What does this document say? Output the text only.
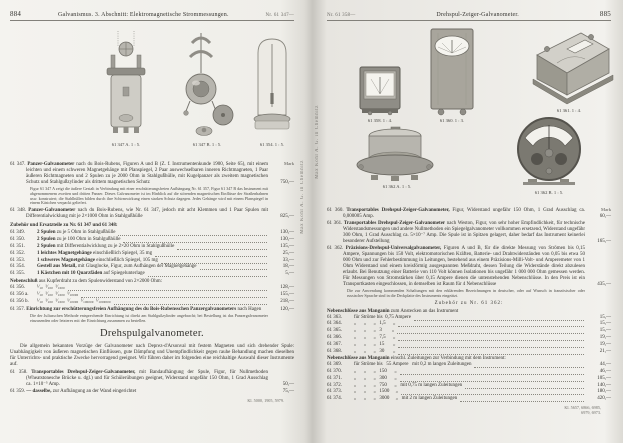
884	Galvanismus. 3. Abschnitt: Elektromagnetische Strommessungen.	Nr. 61 347—
61 347 A. 1 : 5.	61 347 B. 1 : 5.	61 354. 1 : 5.
Mark
61 347. Panzer-Galvanometer nach du Bois-Rubens, Figuren A und B (Z. f. Instrumentenkunde 1900, Seite 65), mit einem leichten und einem schweren Magnetgehänge mit Planspiegel, 2 Paar auswechselbaren inneren Richtmagneten, 1 Paar äußeren Richtmagneten und 2 Spulen zu je 2000 Ohm in Stahlgußhülle, mit Kugelpanzer als zweitem magnetischen Schutz und Stahlgußzylinder als drittem magnetischen Schutz	750,—
Figur 61 347 A zeigt die äußere Gestalt in Verbindung mit einer erschütterungsfreien Aufhängung Nr. 61 357, Figur 61 347 B das Instrument mit abgenommenem zweiten und dritten Panzer. Dieses Galvanometer ist im Hinblick auf die störenden magnetischen Einflüsse der Straßenbahnen usw. konstruiert; die Stahlhüllen bilden durch ihre Schirmwirkung einen starken Schutz dagegen. Jedes Gehänge wird mit einem Planspiegel in einem Kästchen verpackt geliefert.
61 348. Panzer-Galvanometer nach du Bois-Rubens, wie Nr. 61 347, jedoch mit acht Klemmen und 1 Paar Spulen mit Differentialwicklung mit je 2×1000 Ohm in Stahlgußhülle	825,—
Zubehör und Ersatzteile zu Nr. 61 347 und 61 348:
61 349.	2 Spulen zu je 5 Ohm in Stahlgußhülle	130,—
61 350.	2 Spulen zu je 100 Ohm in Stahlgußhülle	130,—
61 351.	2 Spulen mit Differentialwicklung zu je 2×20 Ohm in Stahlgußhülle	135,—
61 352.	1 leichtes Magnetgehänge einschließlich Spiegel, 35 mg	25,—
61 353.	1 schweres Magnetgehänge einschließlich Spiegel, 105 mg	33,—
61 354.	Gestell aus Metall, mit Glasglocke, Figur, zum Aufhängen der Magnetgehänge	18,—
61 355.	1 Kästchen mit 10 Quarzfäden auf Spiegelunterlage	5,—
Nebenschluß aus Kupferdraht zu dem Spulenwiderstand von 2×2000 Ohm:
61 356.	¹⁄₁₀  ¹⁄₁₀₀  ¹⁄₁₀₀₀	128,—
61 356 a.	¹⁄₁₀  ¹⁄₁₀₀  ¹⁄₁₀₀₀  ¹⁄₁₀₀₀₀	155,—
61 356 b.	¹⁄₁₀  ¹⁄₁₀₀  ¹⁄₁₀₀₀  ¹⁄₁₀₀₀₀  ¹⁄₁₀₀₀₀₀  ¹⁄₁₀₀₀₀₀₀	218,—
61 357. Einrichtung zur erschütterungsfreien Aufhängung des du Bois-Rubensschen Panzergalvanometers nach Hagen	120,—
Die der Juliusschen Methode entsprechende Einrichtung ist direkt am Stahlgußzylinder angebracht; bei Bestellung ist das Panzergalvanometer einzusenden oder letzteres mit der Einrichtung zusammen zu bestellen.
Drehspulgalvanometer.
Die allgemein bekannten Vorzüge der Galvanometer nach Deprez-d'Arsonval mit festem Magneten und sich drehender Spule: Unabhängigkeit von äußeren magnetischen Einflüssen, gute Dämpfung und Unempfindlichkeit gegen rauhe Behandlung machen dieselben für Unterrichts- und praktische Zwecke hervorragend geeignet. Wir führen daher im folgenden eine reichhaltige Auswahl dieser Instrumente auf.
61 358. Transportables Drehspul-Zeiger-Galvanometer, mit Bandaufhängung der Spule, Figur, für Nullmethoden (Wheatstonesche Brücke u. dgl.) und für Schülerübungen geeignet, Widerstand ungefähr 150 Ohm, 1 Grad Ausschlag ca. 1×10⁻⁵ Amp.	50,—
61 359. — dasselbe, zur Aufhängung an der Wand eingerichtet	75,—
Kl. 5000, 1905, 5979.
Max Kohl A. G. in Chemnitz
Nr. 61 358—	Drehspul-Zeiger-Galvanometer.	885
61 358. 1 : 4.	61 360. 1 : 3.
61 361. 1 : 4.
61 362 A. 1 : 5.
61 362 B. 1 : 5.
Mark
61 360. Transportables Drehspul-Zeiger-Galvanometer, Figur, Widerstand ungefähr 150 Ohm, 1 Grad Ausschlag ca. 0,000005 Amp.	60,—
61 361. Transportables Drehspul-Zeiger-Galvanometer nach Weston, Figur, von sehr hoher Empfindlichkeit, für technische Widerstandsmessungen und andere Nullmethoden ein Spiegelgalvanometer vollkommen ersetzend, Widerstand ungefähr 300 Ohm, 1 Grad Ausschlag ca. 5×10⁻⁷ Amp. Die Spule ist in Spitzen gelagert, daher bedarf das Instrument keinerlei besonderer Aufstellung	165,—
61 362. Präzisions-Drehspul-Universalgalvanometer, Figuren A und B, für die direkte Messung von Strömen bis 0,15 Ampere, Spannungen bis 150 Volt, elektromotorischen Kräften, Batterie- und Drahtwiderständen von 0,05 bis etwa 50 000 Ohm und zur Fehlerbestimmung in Leitungen, bestehend aus einem Präzisions-Milli-Volt- und Amperemeter von 1 Ohm Widerstand und einem kreisförmig ausgespannten Meßdraht, dessen Teilung die Widerstände direkt abzulesen erlaubt. Bei Benutzung einer Batterie von 110 Volt können Isolationen bis ungefähr 1 000 000 Ohm gemessen werden. Für Messungen von Stromstärken über 0,15 Ampere dienen die untenstehenden Nebenschlüsse. In den Preis ist ein Transportkasten eingeschlossen, in demselben ist Raum für 4 Nebenschlüsse	435,—
Die zur Anwendung kommenden Schaltungen mit den erklärenden Bezeichnungen in deutscher, oder auf Wunsch in französischer oder russischer Sprache sind in die Deckplatte des Instruments eingeätzt.
Zubehör zu Nr. 61 362:
Nebenschlüsse aus Manganin zum Anstecken an das Instrument
61 363.	für Ströme bis  0,75 Ampere	15,—
61 364.	„      „      „   1,5      „	15,—
61 365.	„      „      „   3        „	15,—
61 366.	„      „      „   7,5      „	19,—
61 367.	„      „      „   15       „	19,—
61 368.	„      „      „   30       „	21,—
Nebenschlüsse aus Manganin einschl. Zuleitungen zur Verbindung mit dem Instrument:
61 369.	für Ströme bis   55 Ampere   mit 0,2 m langen Zuleitungen	44,—
61 370.	„      „      „   150      „	46,—
61 371.	„      „      „   300      „	105,—
61 372.	„      „      „   750      „   mit 0,75 m langen Zuleitungen	140,—
61 373.	„      „      „   1500     „	180,—
61 374.	„      „      „   3000     „   mit 2 m langen Zuleitungen	420,—
Kl. 5657, 6866, 6985,
6979, 6973.
Max Kohl A. G. in Chemnitz
